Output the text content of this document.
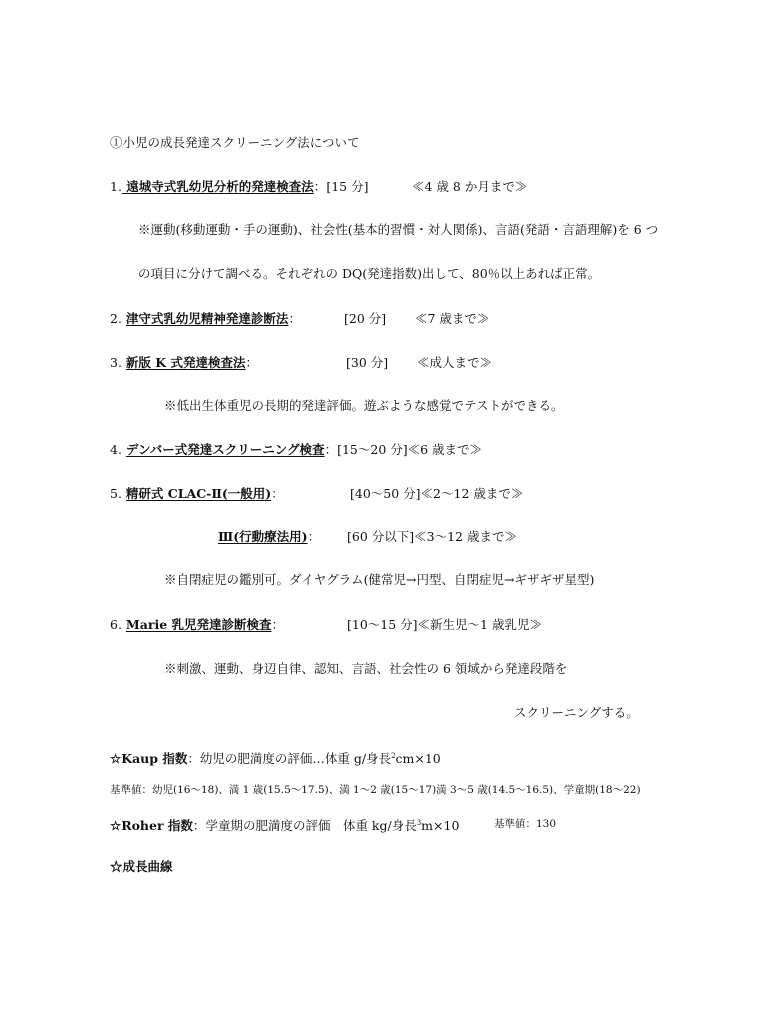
①小児の成長発達スクリーニング法について
1. 遠城寺式乳幼児分析的発達検査法：[15 分]	≪4 歳 8 か月まで≫
※運動(移動運動・手の運動)、社会性(基本的習慣・対人関係)、言語(発語・言語理解)を 6 つ
の項目に分けて調べる。それぞれの DQ(発達指数)出して、80％以上あれば正常。
2. 津守式乳幼児精神発達診断法：	[20 分] ≪7 歳まで≫
3. 新版 K 式発達検査法：	[30 分] ≪成人まで≫
※低出生体重児の長期的発達評価。遊ぶような感覚でテストができる。
4. デンバー式発達スクリーニング検査：[15～20 分]≪6 歳まで≫
5. 精研式 CLAC-Ⅱ(一般用)：	[40～50 分]≪2～12 歳まで≫
Ⅲ(行動療法用)： [60 分以下]≪3～12 歳まで≫
※自閉症児の鑑別可。ダイヤグラム(健常児→円型、自閉症児→ギザギザ星型)
6. Marie 乳児発達診断検査：	[10～15 分]≪新生児～1 歳乳児≫
※刺激、運動、身辺自律、認知、言語、社会性の 6 領域から発達段階を
スクリーニングする。
☆Kaup 指数：幼児の肥満度の評価…体重 g/身長$^2$cm×10
基準値：幼児(16～18)、満 1 歳(15.5～17.5)、満 1～2 歳(15～17)満 3～5 歳(14.5～16.5)、学童期(18～22)
☆Roher 指数：学童期の肥満度の評価　体重 kg/身長$^3$m×10	基準値：130
☆成長曲線
